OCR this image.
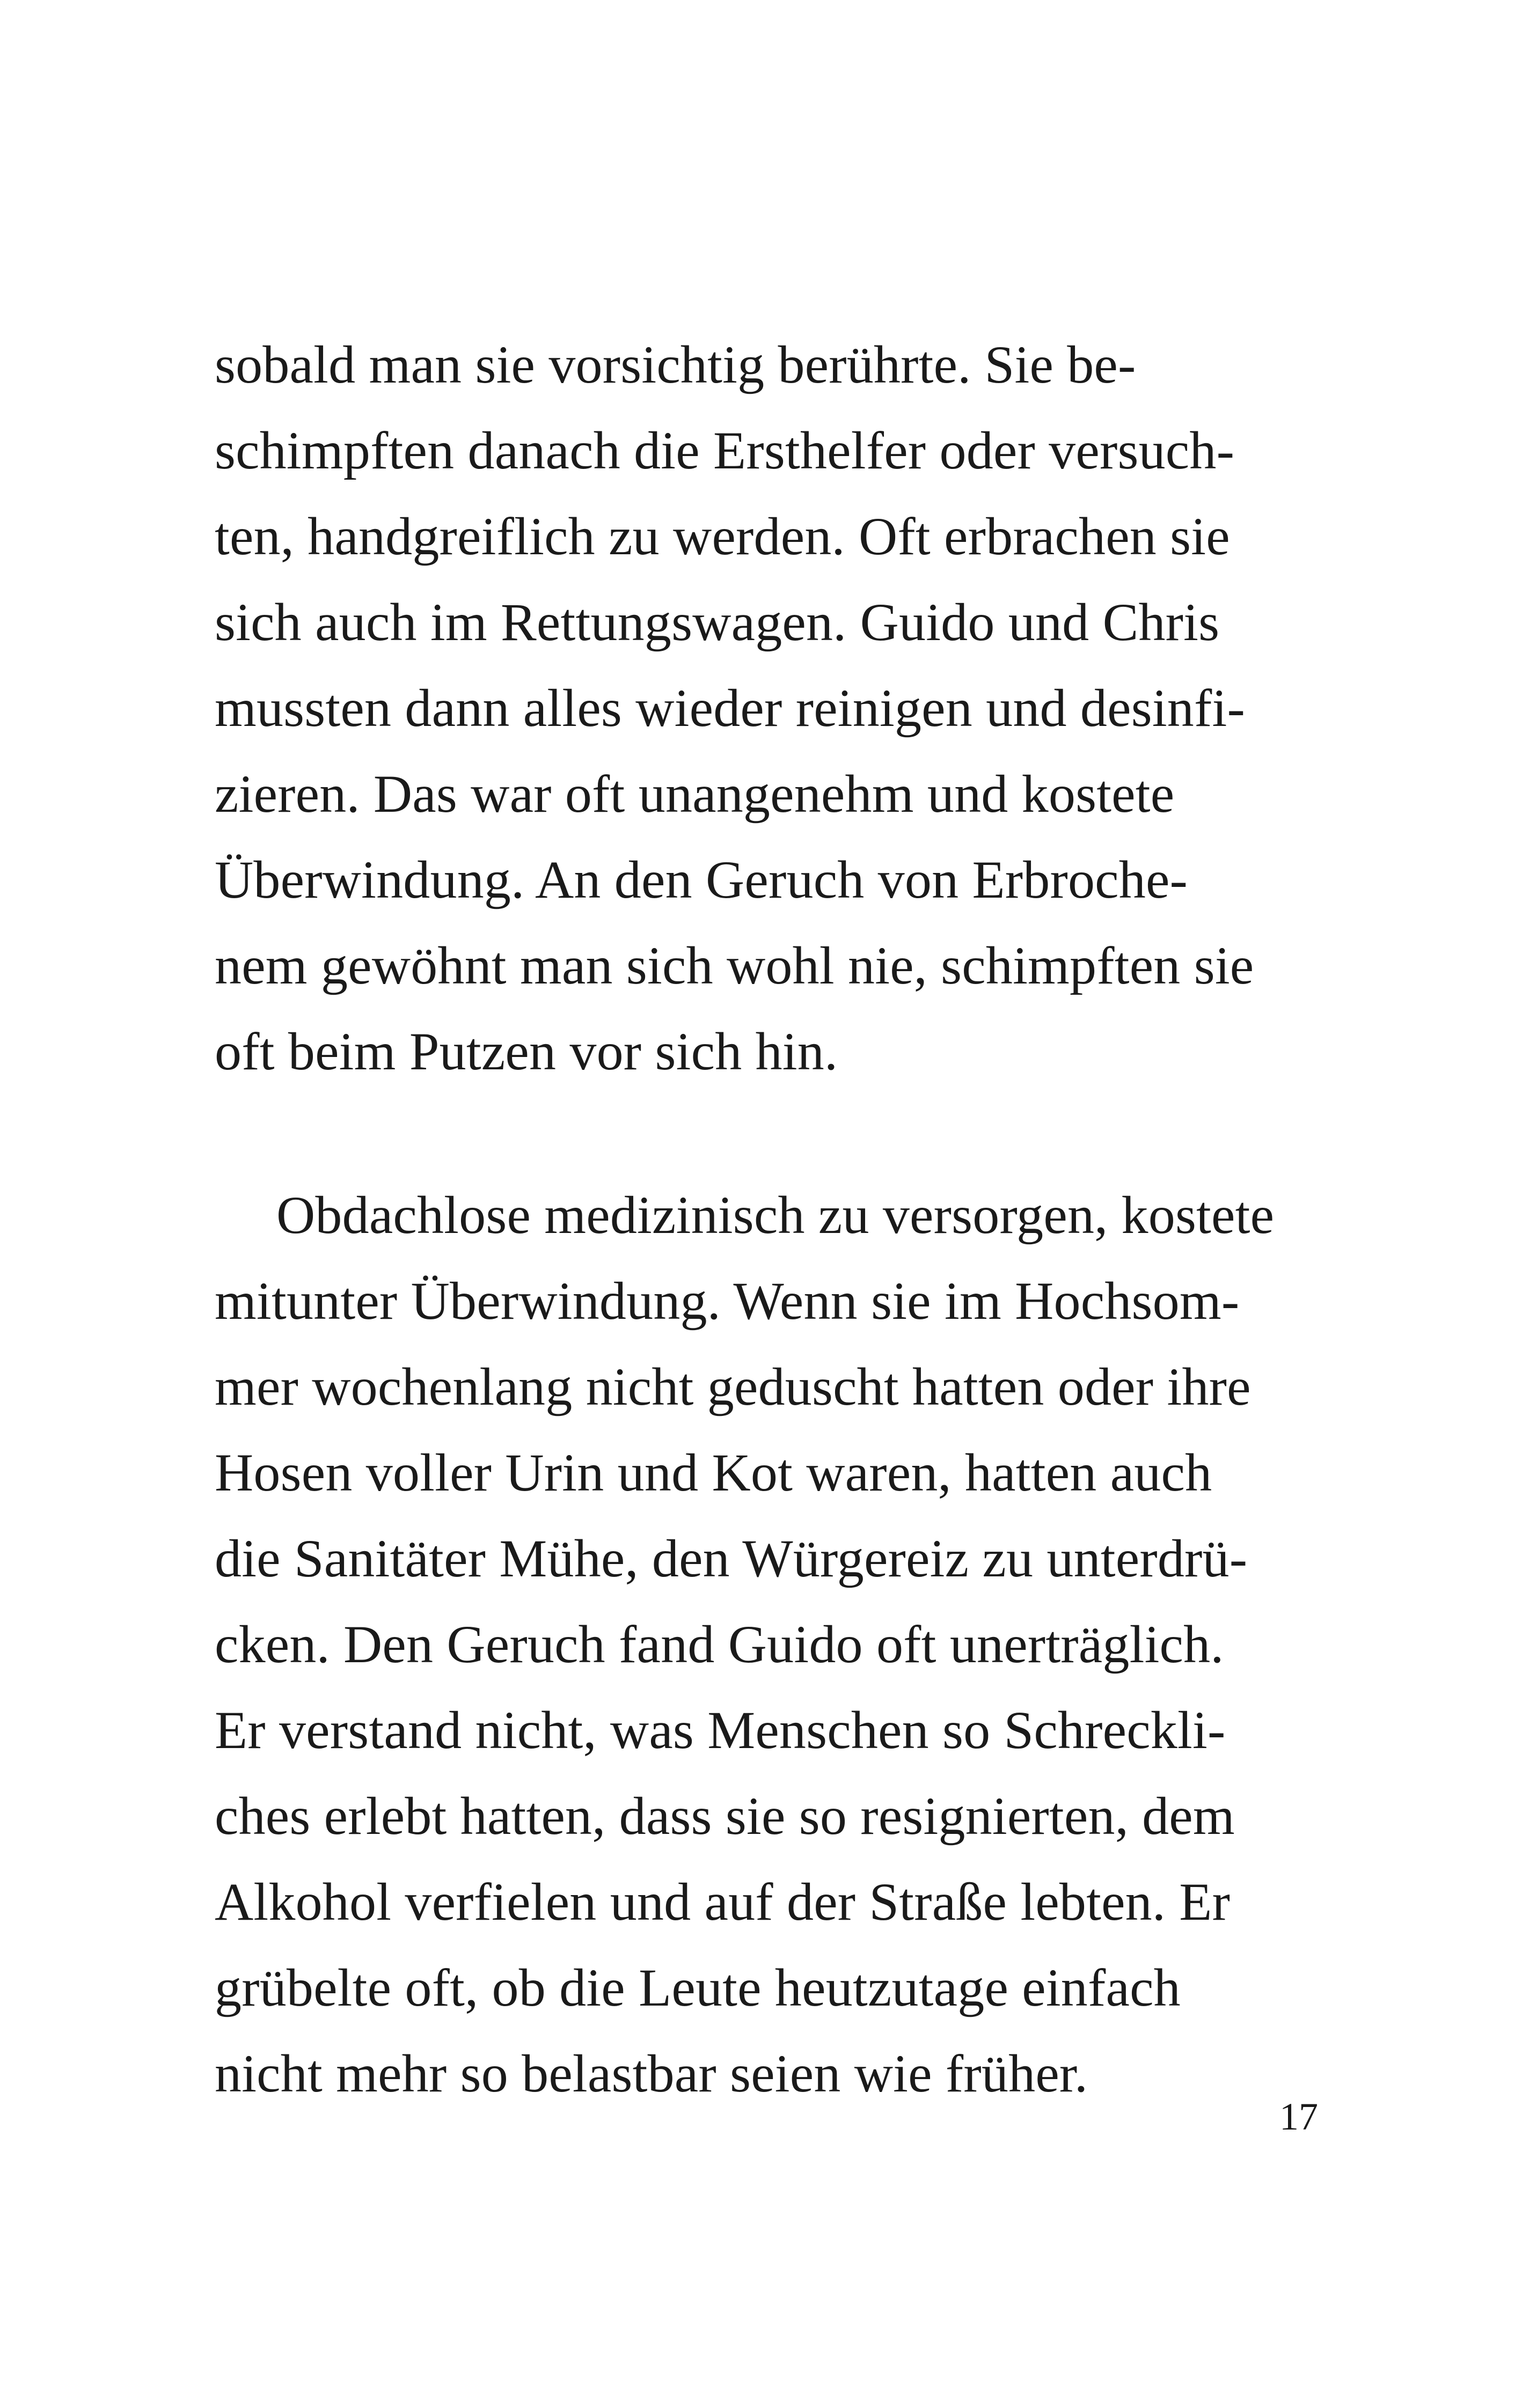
sobald man sie vorsichtig berührte. Sie be-
schimpften danach die Ersthelfer oder versuch-
ten, handgreiflich zu werden. Oft erbrachen sie
sich auch im Rettungswagen. Guido und Chris
mussten dann alles wieder reinigen und desinfi-
zieren. Das war oft unangenehm und kostete
Überwindung. An den Geruch von Erbroche-
nem gewöhnt man sich wohl nie, schimpften sie
oft beim Putzen vor sich hin.
Obdachlose medizinisch zu versorgen, kostete
mitunter Überwindung. Wenn sie im Hochsom-
mer wochenlang nicht geduscht hatten oder ihre
Hosen voller Urin und Kot waren, hatten auch
die Sanitäter Mühe, den Würgereiz zu unterdrü-
cken. Den Geruch fand Guido oft unerträglich.
Er verstand nicht, was Menschen so Schreckli-
ches erlebt hatten, dass sie so resignierten, dem
Alkohol verfielen und auf der Straße lebten. Er
grübelte oft, ob die Leute heutzutage einfach
nicht mehr so belastbar seien wie früher.
17
